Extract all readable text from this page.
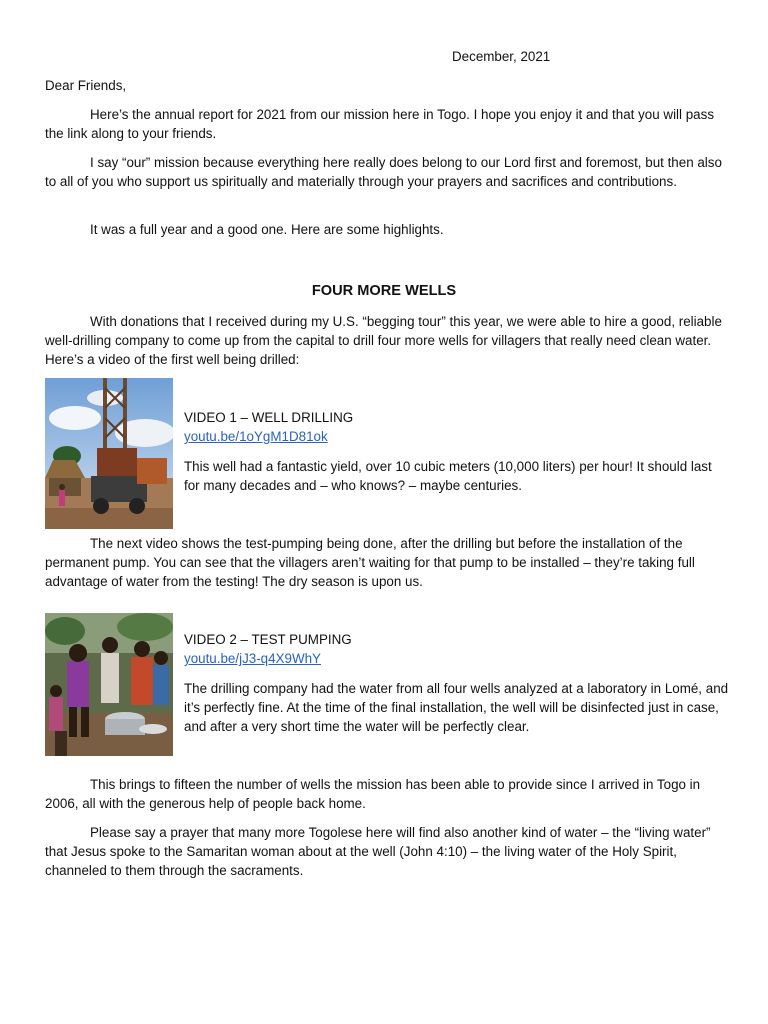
December, 2021
Dear Friends,

Here’s the annual report for 2021 from our mission here in Togo. I hope you enjoy it and that you will pass the link along to your friends.

I say “our” mission because everything here really does belong to our Lord first and foremost, but then also to all of you who support us spiritually and materially through your prayers and sacrifices and contributions.

It was a full year and a good one. Here are some highlights.

FOUR MORE WELLS

With donations that I received during my U.S. “begging tour” this year, we were able to hire a good, reliable well-drilling company to come up from the capital to drill four more wells for villagers that really need clean water. Here’s a video of the first well being drilled:

VIDEO 1 – WELL DRILLING
youtu.be/1oYgM1D81ok

This well had a fantastic yield, over 10 cubic meters (10,000 liters) per hour! It should last for many decades and – who knows? – maybe centuries.

The next video shows the test-pumping being done, after the drilling but before the installation of the permanent pump. You can see that the villagers aren’t waiting for that pump to be installed – they’re taking full advantage of water from the testing! The dry season is upon us.

VIDEO 2 – TEST PUMPING
youtu.be/jJ3-q4X9WhY

The drilling company had the water from all four wells analyzed at a laboratory in Lomé, and it’s perfectly fine. At the time of the final installation, the well will be disinfected just in case, and after a very short time the water will be perfectly clear.

This brings to fifteen the number of wells the mission has been able to provide since I arrived in Togo in 2006, all with the generous help of people back home.

Please say a prayer that many more Togolese here will find also another kind of water – the “living water” that Jesus spoke to the Samaritan woman about at the well (John 4:10) – the living water of the Holy Spirit, channeled to them through the sacraments.
